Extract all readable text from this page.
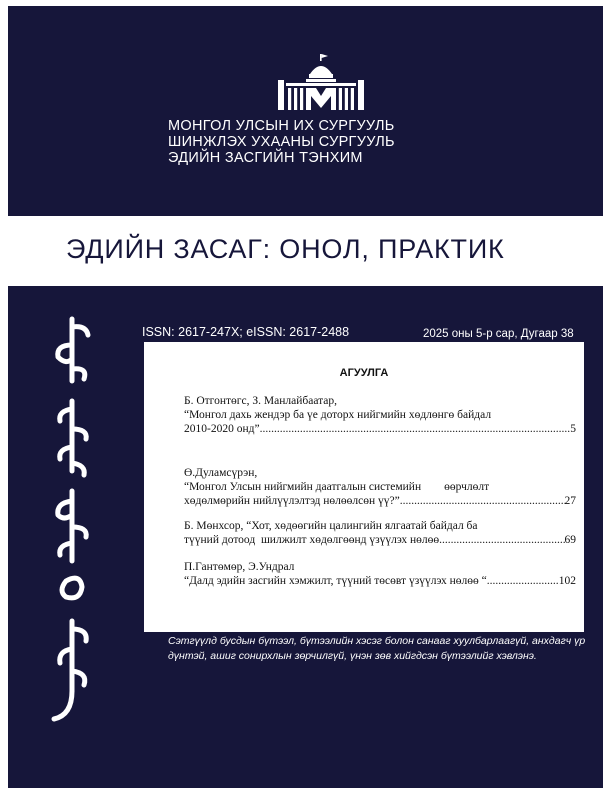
МОНГОЛ УЛСЫН ИХ СУРГУУЛЬ
ШИНЖЛЭХ УХААНЫ СУРГУУЛЬ
ЭДИЙН ЗАСГИЙН ТЭНХИМ
ЭДИЙН ЗАСАГ: ОНОЛ, ПРАКТИК
ISSN: 2617-247X; eISSN: 2617-2488	2025 оны 5-р сар, Дугаар 38
АГУУЛГА
Б. Отгонтөгс, З. Манлайбаатар,
“Монгол дахь жендэр ба үе доторх нийгмийн хөдлөнгө байдал
2010-2020 онд” .....	5
Ө.Дуламсүрэн,
“Монгол Улсын нийгмийн даатгалын системийн        өөрчлөлт
хөдөлмөрийн нийлүүлэлтэд нөлөөлсөн үү?” .....	27
Б. Мөнхсор, “Хот, хөдөөгийн цалингийн ялгаатай байдал ба
түүний дотоод  шилжилт хөдөлгөөнд үзүүлэх нөлөө .....	69
П.Гантөмөр, Э.Ундрал
“Далд эдийн засгийн хэмжилт, түүний төсөвт үзүүлэх нөлөө “ .....	102
Сэтгүүлд бусдын бүтээл, бүтээлийн хэсэг болон санааг хуулбарлаагүй, анхдагч үр дүнтэй, ашиг сонирхлын зөрчилгүй, үнэн зөв хийгдсэн бүтээлийг хэвлэнэ.
